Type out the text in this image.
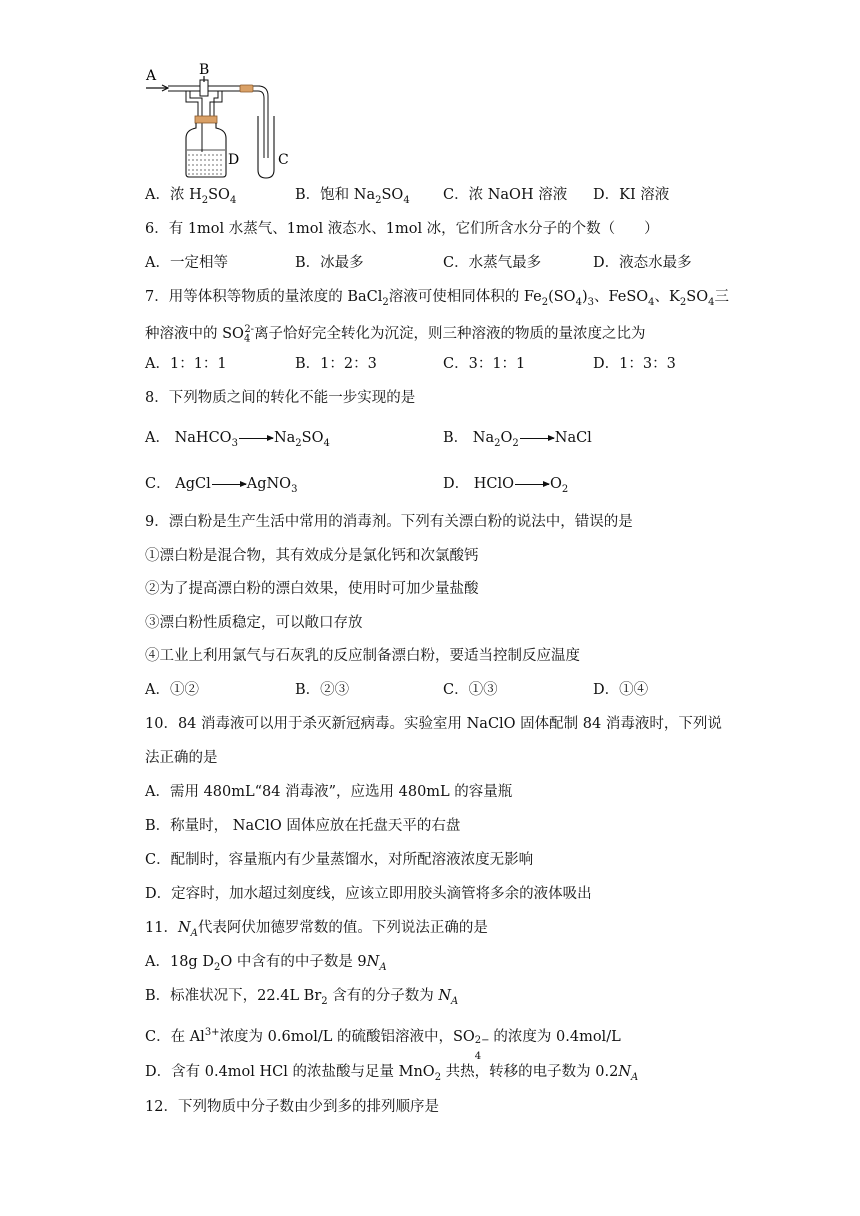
A	B
D	C
A．浓 $H_2SO_4$	B．饱和 $Na_2SO_4$ C．浓 NaOH 溶液 D．KI 溶液
6．有 1mol 水蒸气、1mol 液态水、1mol 冰，它们所含水分子的个数（　　）
A．一定相等	B．冰最多	C．水蒸气最多	D．液态水最多
7．用等体积等物质的量浓度的 BaCl$_2$溶液可使相同体积的 $Fe_2(SO_4)_3$、FeSO$_4$、$K_2SO_4$三
种溶液中的 $SO_4^{2-}$离子恰好完全转化为沉淀，则三种溶液的物质的量浓度之比为
A．1：1：1	B．1：2：3	C．3：1：1	D．1：3：3
8．下列物质之间的转化不能一步实现的是
A． $NaHCO_3\to Na_2SO_4$	B． $Na_2O_2\to NaCl$
C． AgCl→AgNO$_3$	D． $HClO\to O_2$
9．漂白粉是生产生活中常用的消毒剂。下列有关漂白粉的说法中，错误的是
①漂白粉是混合物，其有效成分是氯化钙和次氯酸钙
②为了提高漂白粉的漂白效果，使用时可加少量盐酸
③漂白粉性质稳定，可以敞口存放
④工业上利用氯气与石灰乳的反应制备漂白粉，要适当控制反应温度
A．①②	B．②③	C．①③	D．①④
10．84 消毒液可以用于杀灭新冠病毒。实验室用 NaClO 固体配制 84 消毒液时，下列说
法正确的是
A．需用 480mL“84 消毒液”，应选用 480mL 的容量瓶
B．称量时， NaClO 固体应放在托盘天平的右盘
C．配制时，容量瓶内有少量蒸馏水，对所配溶液浓度无影响
D．定容时，加水超过刻度线，应该立即用胶头滴管将多余的液体吸出
11．$N_A$代表阿伏加德罗常数的值。下列说法正确的是
A．18g $D_2O$ 中含有的中子数是 $9N_A$
B．标准状况下，22.4L $Br_2$ 含有的分子数为 $N_A$
C．在 $Al^{3+}$浓度为 0.6mol/L 的硫酸铝溶液中，SO 2−
4
的浓度为 0.4mol/L
D．含有 0.4mol HCl 的浓盐酸与足量 MnO$_2$ 共热，转移的电子数为 $0.2N_A$
12．下列物质中分子数由少到多的排列顺序是
